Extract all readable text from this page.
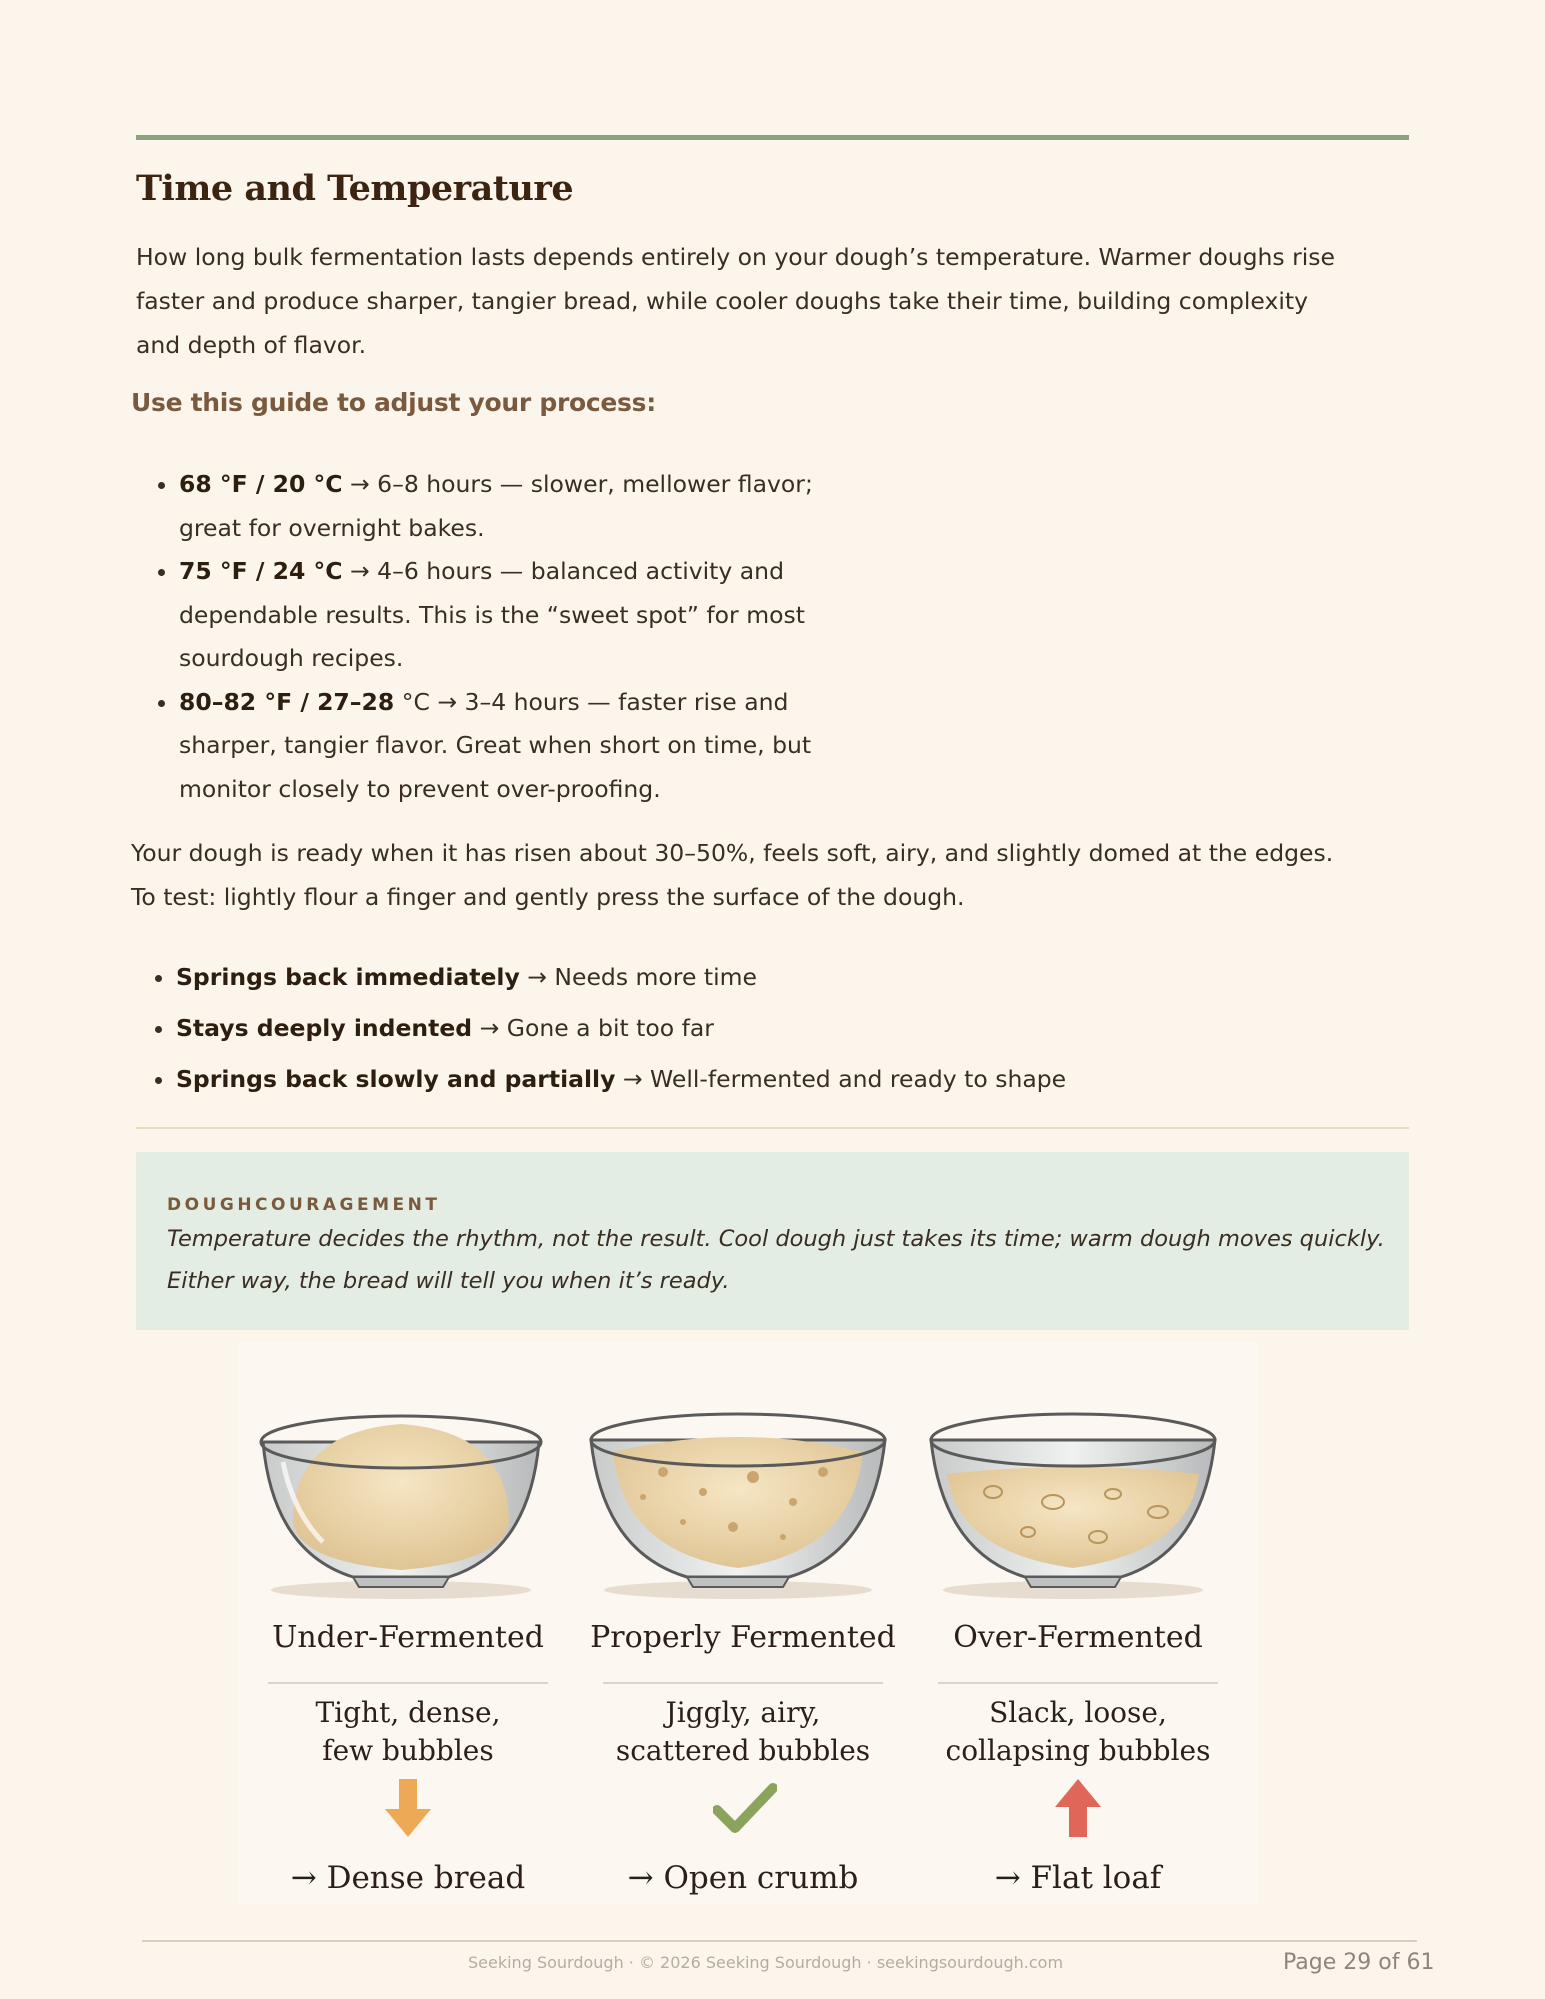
Time and Temperature

How long bulk fermentation lasts depends entirely on your dough’s temperature. Warmer doughs rise faster and produce sharper, tangier bread, while cooler doughs take their time, building complexity and depth of flavor.

Use this guide to adjust your process:
• 68 °F / 20 °C → 6–8 hours — slower, mellower flavor; great for overnight bakes.
• 75 °F / 24 °C → 4–6 hours — balanced activity and dependable results. This is the “sweet spot” for most sourdough recipes.
• 80–82 °F / 27–28 °C → 3–4 hours — faster rise and sharper, tangier flavor. Great when short on time, but monitor closely to prevent over-proofing.

Your dough is ready when it has risen about 30–50%, feels soft, airy, and slightly domed at the edges.
To test: lightly flour a finger and gently press the surface of the dough.

• Springs back immediately → Needs more time
• Stays deeply indented → Gone a bit too far
• Springs back slowly and partially → Well-fermented and ready to shape
DOUGHCOURAGEMENT

Temperature decides the rhythm, not the result. Cool dough just takes its time; warm dough moves quickly. Either way, the bread will tell you when it’s ready.

Under-Fermented
Tight, dense,
few bubbles
→ Dense bread
Properly Fermented
Jiggly, airy,
scattered bubbles
→ Open crumb
Over-Fermented
Slack, loose,
collapsing bubbles
→ Flat loaf
Seeking Sourdough · © 2026 Seeking Sourdough · seekingsourdough.com	Page 29 of 61
